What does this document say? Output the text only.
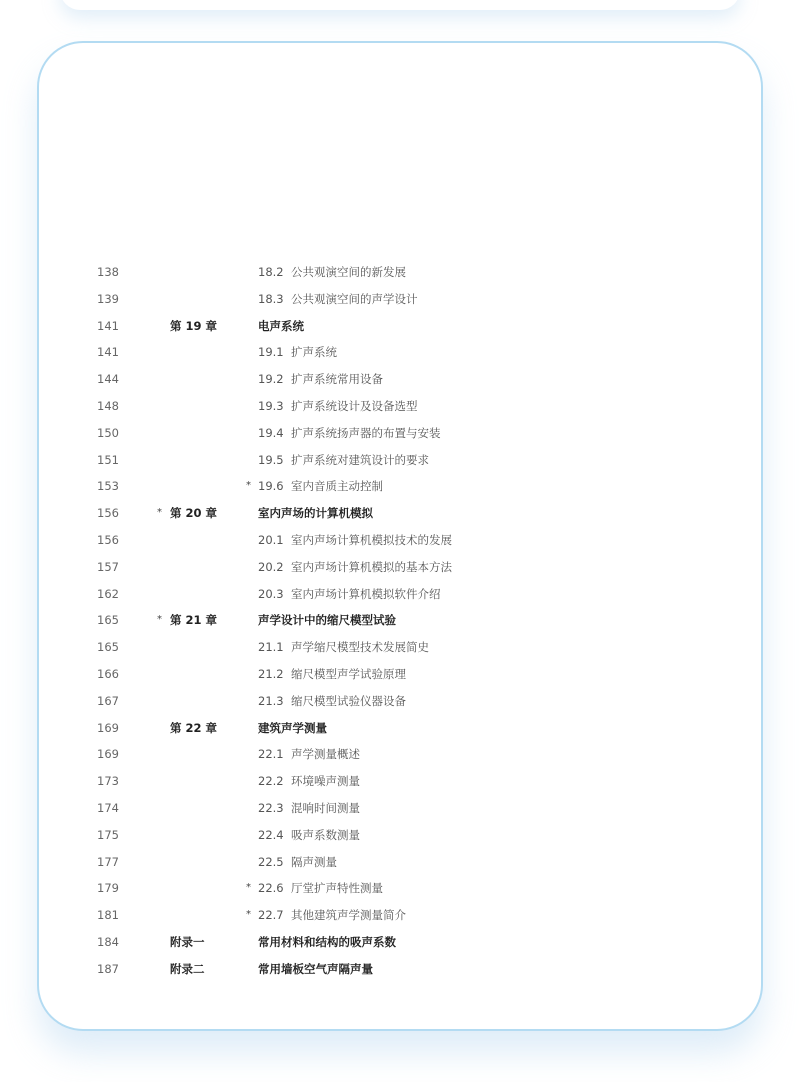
138	18.2 公共观演空间的新发展
139	18.3 公共观演空间的声学设计
141	第 19 章	电声系统
141	19.1 扩声系统
144	19.2 扩声系统常用设备
148	19.3 扩声系统设计及设备选型
150	19.4 扩声系统扬声器的布置与安装
151	19.5 扩声系统对建筑设计的要求
153	* 19.6 室内音质主动控制
156	* 第 20 章	室内声场的计算机模拟
156	20.1 室内声场计算机模拟技术的发展
157	20.2 室内声场计算机模拟的基本方法
162	20.3 室内声场计算机模拟软件介绍
165	* 第 21 章	声学设计中的缩尺模型试验
165	21.1 声学缩尺模型技术发展简史
166	21.2 缩尺模型声学试验原理
167	21.3 缩尺模型试验仪器设备
169	第 22 章	建筑声学测量
169	22.1 声学测量概述
173	22.2 环境噪声测量
174	22.3 混响时间测量
175	22.4 吸声系数测量
177	22.5 隔声测量
179	* 22.6 厅堂扩声特性测量
181	* 22.7 其他建筑声学测量简介
184	附录一	常用材料和结构的吸声系数
187	附录二	常用墙板空气声隔声量
